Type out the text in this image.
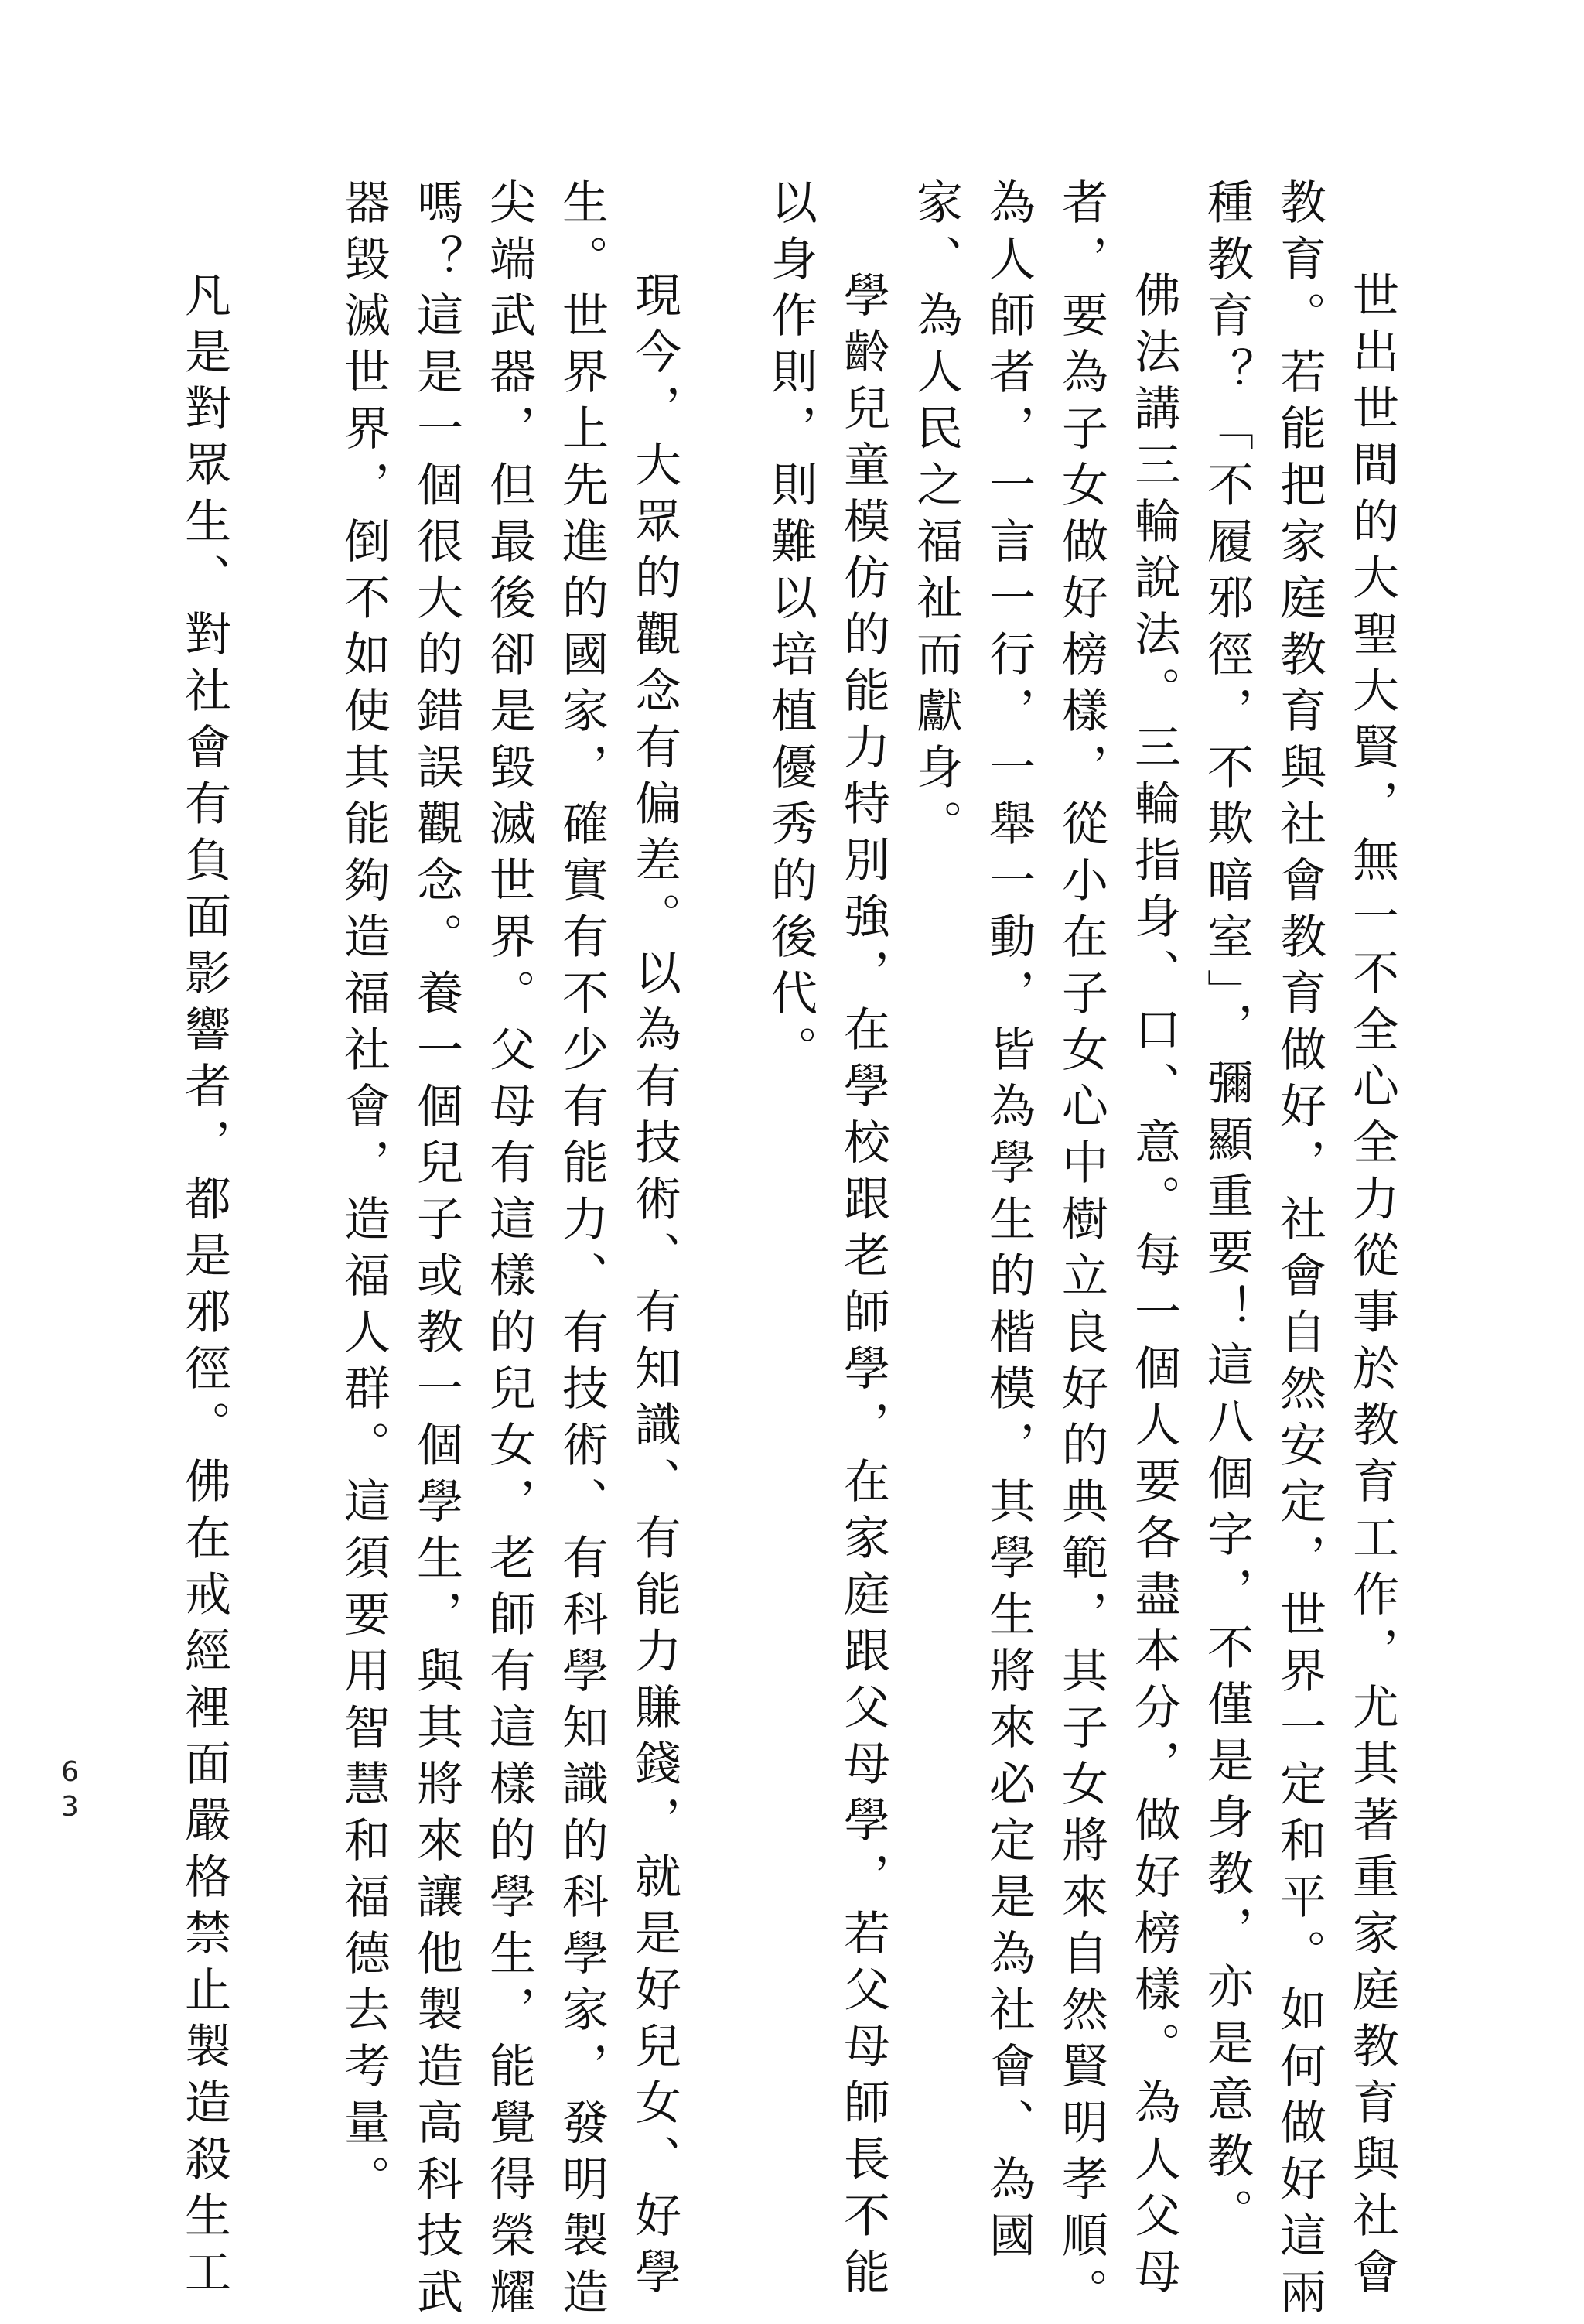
世出世間的大聖大賢，無一不全心全力從事於教育工作，尤其著重家庭教育與社會
教育。若能把家庭教育與社會教育做好，社會自然安定，世界一定和平。如何做好這兩
種教育？「不履邪徑，不欺暗室」，彌顯重要！這八個字，不僅是身教，亦是意教。
佛法講三輪說法。三輪指身、口、意。每一個人要各盡本分，做好榜樣。為人父母
者，要為子女做好榜樣，從小在子女心中樹立良好的典範，其子女將來自然賢明孝順。
為人師者，一言一行，一舉一動，皆為學生的楷模，其學生將來必定是為社會、為國
家、為人民之福祉而獻身。
學齡兒童模仿的能力特別強，在學校跟老師學，在家庭跟父母學，若父母師長不能
以身作則，則難以培植優秀的後代。
現今，大眾的觀念有偏差。以為有技術、有知識、有能力賺錢，就是好兒女、好學
生。世界上先進的國家，確實有不少有能力、有技術、有科學知識的科學家，發明製造
尖端武器，但最後卻是毀滅世界。父母有這樣的兒女，老師有這樣的學生，能覺得榮耀
嗎？這是一個很大的錯誤觀念。養一個兒子或教一個學生，與其將來讓他製造高科技武
器毀滅世界，倒不如使其能夠造福社會，造福人群。這須要用智慧和福德去考量。
凡是對眾生、對社會有負面影響者，都是邪徑。佛在戒經裡面嚴格禁止製造殺生工
63
